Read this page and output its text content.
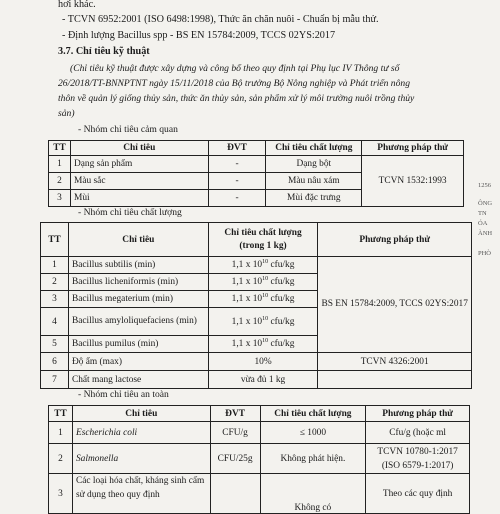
hơi khác.
- TCVN 6952:2001 (ISO 6498:1998), Thức ăn chăn nuôi - Chuẩn bị mẫu thử.
- Định lượng Bacillus spp - BS EN 15784:2009, TCCS 02YS:2017
3.7. Chỉ tiêu kỹ thuật
(Chỉ tiêu kỹ thuật được xây dựng và công bố theo quy định tại Phụ lục IV Thông tư số
26/2018/TT-BNNPTNT ngày 15/11/2018 của Bộ trưởng Bộ Nông nghiệp và Phát triển nông
thôn về quản lý giống thủy sản, thức ăn thủy sản, sản phẩm xử lý môi trường nuôi trồng thủy
sản)
- Nhóm chỉ tiêu cảm quan
TT	Chỉ tiêu	ĐVT	Chỉ tiêu chất lượng	Phương pháp thử
1	Dạng sản phẩm	-	Dạng bột	TCVN 1532:1993
2	Màu sắc	-	Màu nâu xám	
3	Mùi	-	Mùi đặc trưng	
- Nhóm chỉ tiêu chất lượng
TT	Chỉ tiêu	Chỉ tiêu chất lượng (trong 1 kg)	Phương pháp thử
1	Bacillus subtilis (min)	1,1 x $10^{10}$ cfu/kg	BS EN 15784:2009, TCCS 02YS:2017
2	Bacillus licheniformis (min)	1,1 x $10^{10}$ cfu/kg	
3	Bacillus megaterium (min)	1,1 x $10^{10}$ cfu/kg	
4	Bacillus amyloliquefaciens (min)	1,1 x $10^{10}$ cfu/kg	
5	Bacillus pumilus (min)	1,1 x $10^{10}$ cfu/kg	
6	Độ ẩm (max)	10%	TCVN 4326:2001
7	Chất mang lactose	vừa đủ 1 kg	
- Nhóm chỉ tiêu an toàn
TT	Chỉ tiêu	ĐVT	Chỉ tiêu chất lượng	Phương pháp thử
1	Escherichia coli	CFU/g	≤ 1000	Cfu/g (hoặc ml
2	Salmonella	CFU/25g	Không phát hiện.	TCVN 10780-1:2017 (ISO 6579-1:2017)
3	Các loại hóa chất, kháng sinh cấm sử dụng theo quy định		Không có	Theo các quy định
1256
ÔNG
TN
ÓA
ÀNH
PHÒ
